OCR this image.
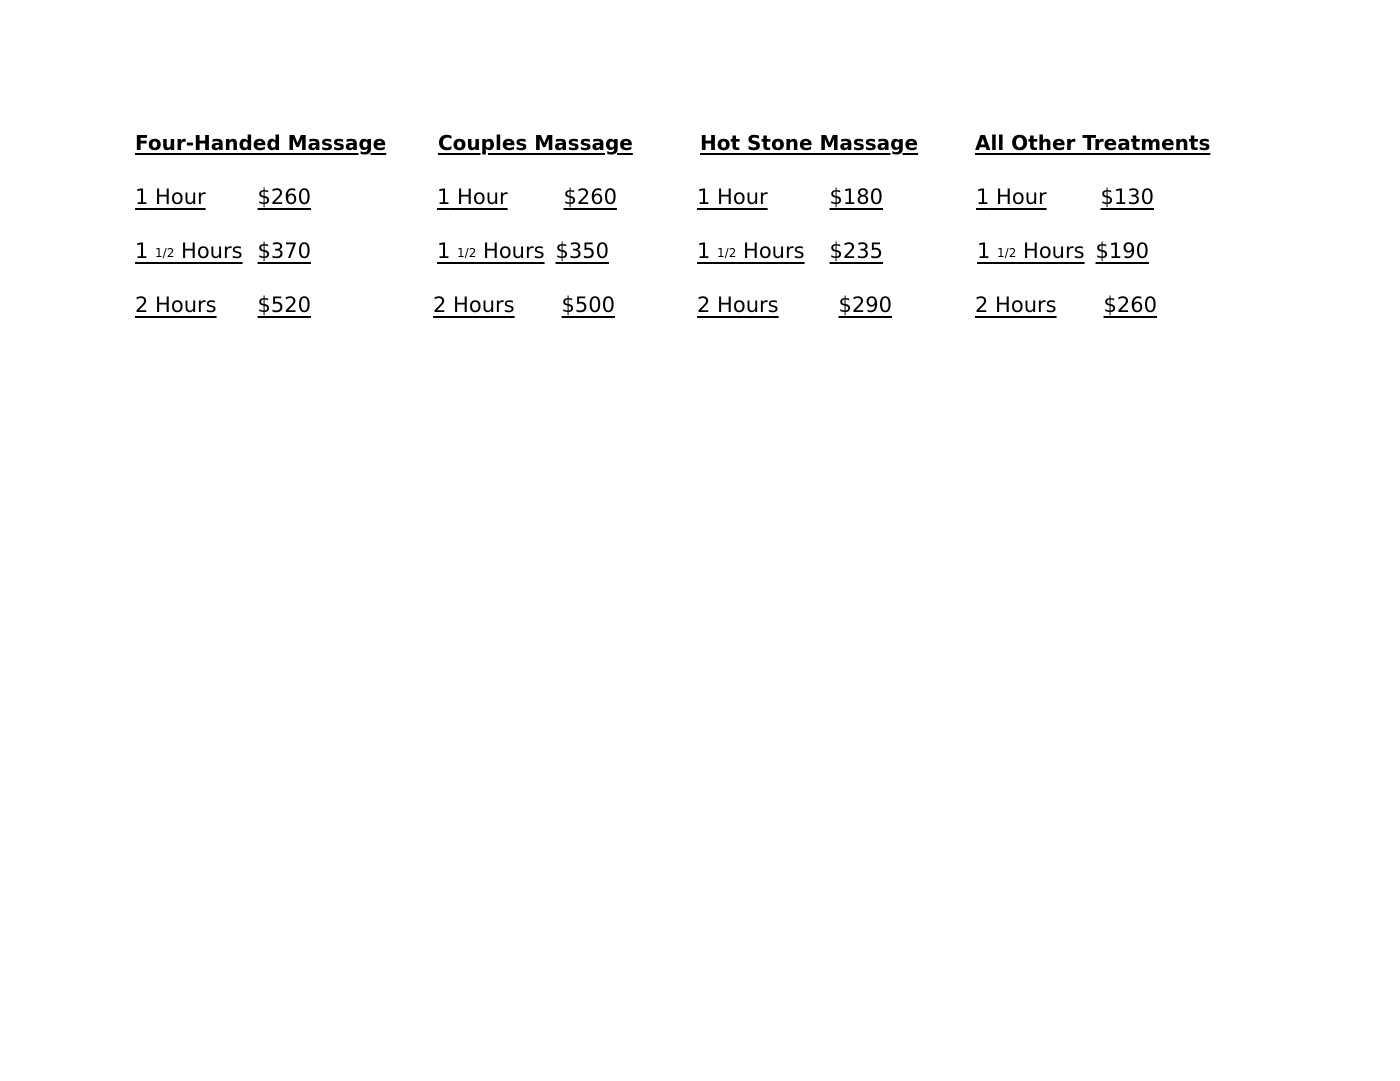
Four-Handed Massage
1 Hour $260
1 1/2 Hours $370
2 Hours $520
Couples Massage
1 Hour	$260
1 1/2 Hours $350
2 Hours $500
Hot Stone Massage
1 Hour	$180
1 1/2 Hours $235
2 Hours	$290
All Other Treatments
1 Hour	$130
1 1/2 Hours $190
2 Hours $260
